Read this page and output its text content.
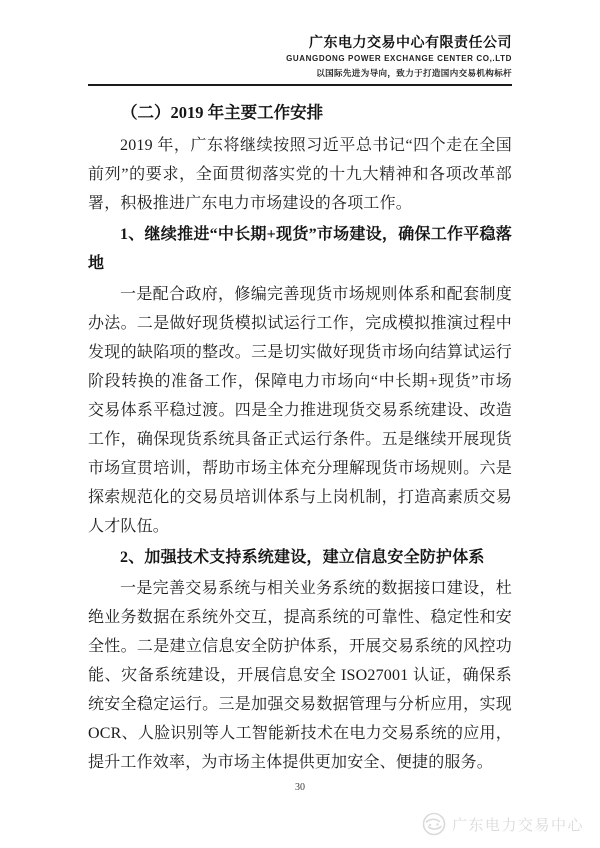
广东电力交易中心有限责任公司
GUANGDONG POWER EXCHANGE CENTER CO,.LTD
以国际先进为导向，致力于打造国内交易机构标杆
（二）2019 年主要工作安排

2019 年，广东将继续按照习近平总书记“四个走在全国前列”的要求，全面贯彻落实党的十九大精神和各项改革部署，积极推进广东电力市场建设的各项工作。

1、继续推进“中长期+现货”市场建设，确保工作平稳落地

一是配合政府，修编完善现货市场规则体系和配套制度办法。二是做好现货模拟试运行工作，完成模拟推演过程中发现的缺陷项的整改。三是切实做好现货市场向结算试运行阶段转换的准备工作，保障电力市场向“中长期+现货”市场交易体系平稳过渡。四是全力推进现货交易系统建设、改造工作，确保现货系统具备正式运行条件。五是继续开展现货市场宣贯培训，帮助市场主体充分理解现货市场规则。六是探索规范化的交易员培训体系与上岗机制，打造高素质交易人才队伍。

2、加强技术支持系统建设，建立信息安全防护体系

一是完善交易系统与相关业务系统的数据接口建设，杜绝业务数据在系统外交互，提高系统的可靠性、稳定性和安全性。二是建立信息安全防护体系，开展交易系统的风控功能、灾备系统建设，开展信息安全 ISO27001 认证，确保系统安全稳定运行。三是加强交易数据管理与分析应用，实现 OCR、人脸识别等人工智能新技术在电力交易系统的应用，提升工作效率，为市场主体提供更加安全、便捷的服务。

30
广东电力交易中心
